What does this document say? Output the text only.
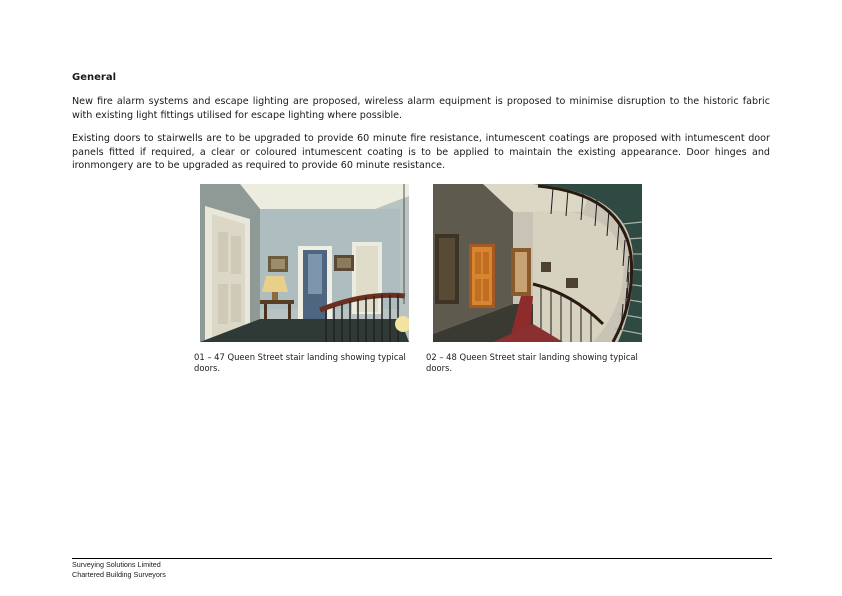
General

New fire alarm systems and escape lighting are proposed, wireless alarm equipment is proposed to minimise disruption to the historic fabric with existing light fittings utilised for escape lighting where possible.

Existing doors to stairwells are to be upgraded to provide 60 minute fire resistance, intumescent coatings are proposed with intumescent door panels fitted if required, a clear or coloured intumescent coating is to be applied to maintain the existing appearance. Door hinges and ironmongery are to be upgraded as required to provide 60 minute resistance.

01 – 47 Queen Street stair landing showing typical doors.

02 – 48 Queen Street stair landing showing typical doors.

Surveying Solutions Limited
Chartered Building Surveyors
